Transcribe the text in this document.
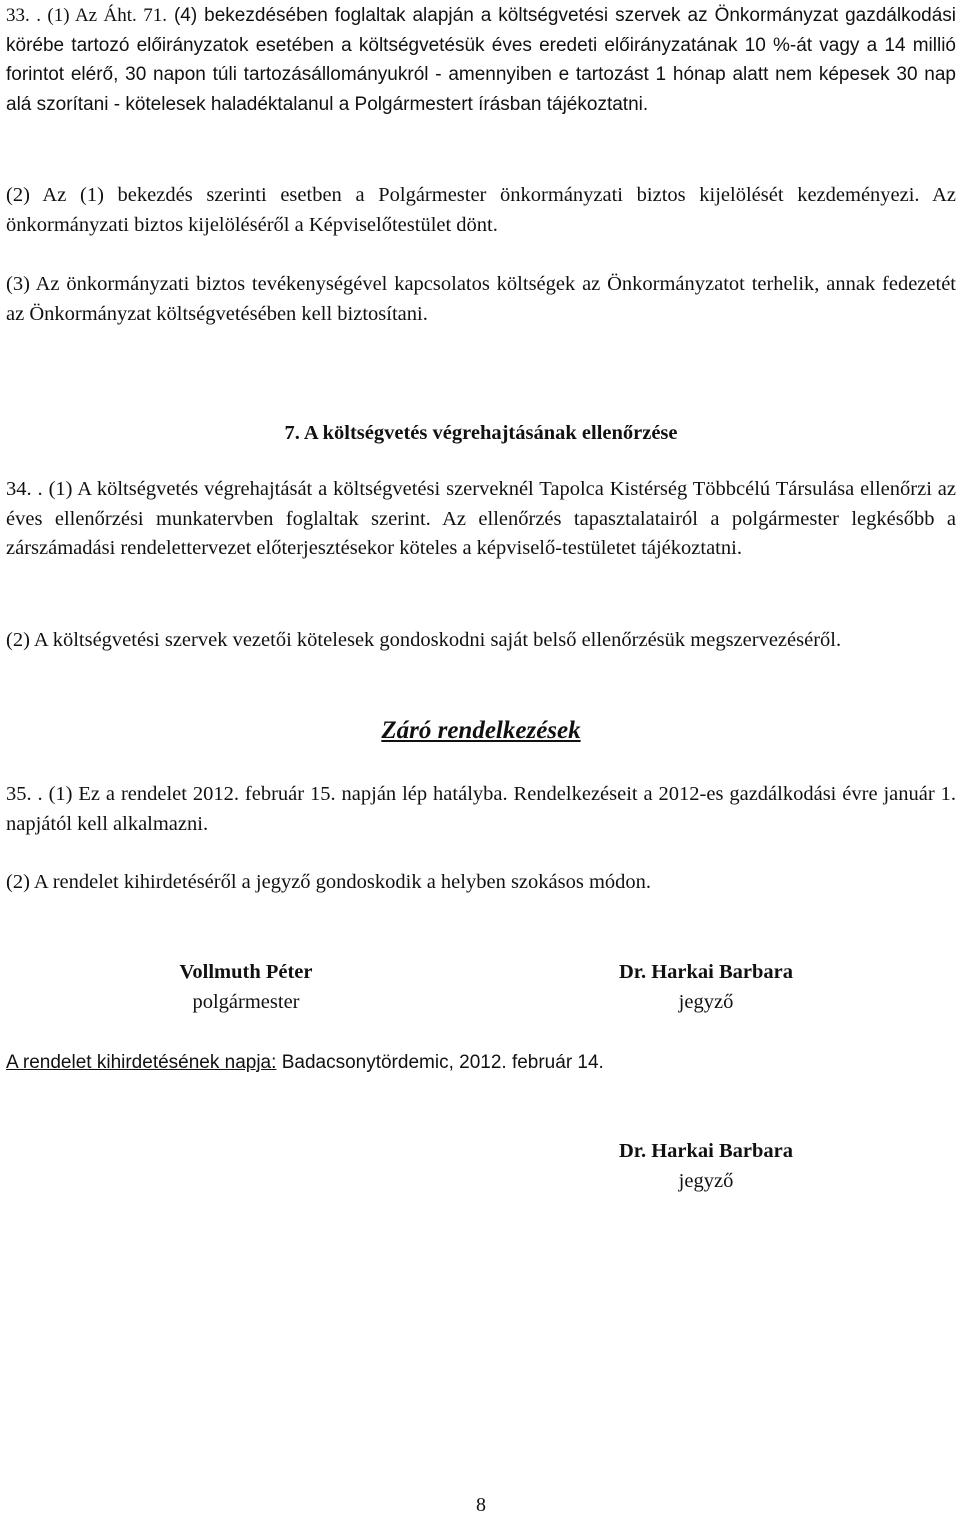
33. . (1) Az Áht. 71. (4) bekezdésében foglaltak alapján a költségvetési szervek az Önkormányzat gazdálkodási körébe tartozó előirányzatok esetében a költségvetésük éves eredeti előirányzatának 10 %-át vagy a 14 millió forintot elérő, 30 napon túli tartozásállományukról - amennyiben e tartozást 1 hónap alatt nem képesek 30 nap alá szorítani - kötelesek haladéktalanul a Polgármestert írásban tájékoztatni.

(2) Az (1) bekezdés szerinti esetben a Polgármester önkormányzati biztos kijelölését kezdeményezi. Az önkormányzati biztos kijelöléséről a Képviselőtestület dönt.

(3) Az önkormányzati biztos tevékenységével kapcsolatos költségek az Önkormányzatot terhelik, annak fedezetét az Önkormányzat költségvetésében kell biztosítani.

7. A költségvetés végrehajtásának ellenőrzése

34. . (1) A költségvetés végrehajtását a költségvetési szerveknél Tapolca Kistérség Többcélú Társulása ellenőrzi az éves ellenőrzési munkatervben foglaltak szerint. Az ellenőrzés tapasztalatairól a polgármester legkésőbb a zárszámadási rendelettervezet előterjesztésekor köteles a képviselő-testületet tájékoztatni.

(2) A költségvetési szervek vezetői kötelesek gondoskodni saját belső ellenőrzésük megszervezéséről.

Záró rendelkezések

35. . (1) Ez a rendelet 2012. február 15. napján lép hatályba. Rendelkezéseit a 2012-es gazdálkodási évre január 1. napjától kell alkalmazni.

(2) A rendelet kihirdetéséről a jegyző gondoskodik a helyben szokásos módon.

Vollmuth Péter
polgármester
Dr. Harkai Barbara
jegyző
A rendelet kihirdetésének napja: Badacsonytördemic, 2012. február 14.
Dr. Harkai Barbara
jegyző
8
